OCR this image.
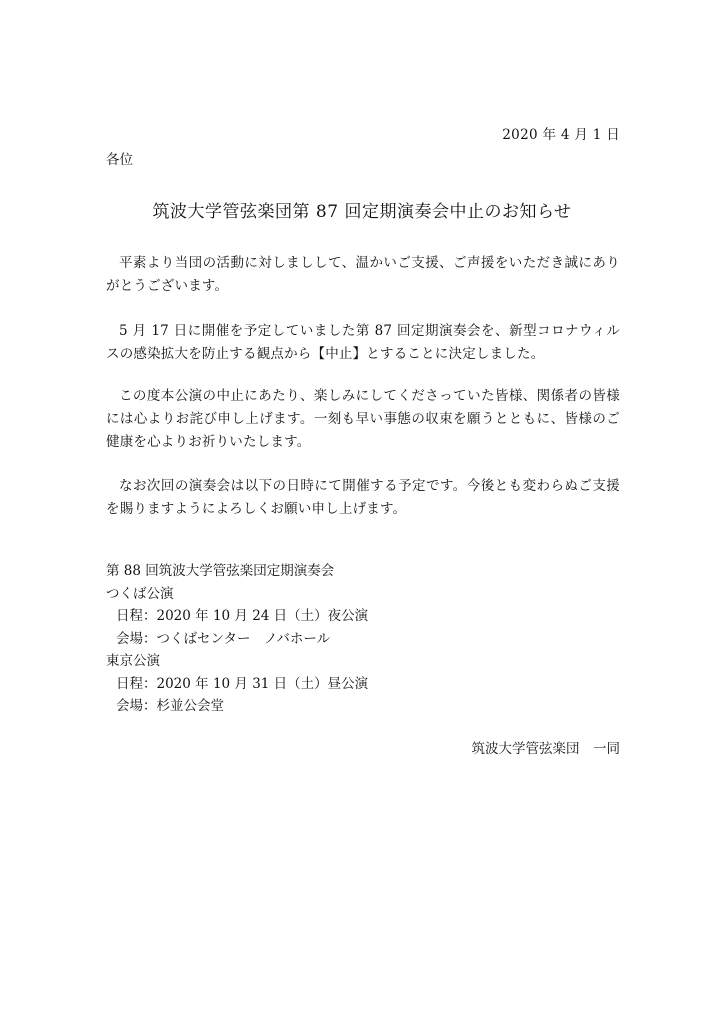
2020 年 4 月 1 日
各位
筑波大学管弦楽団第 87 回定期演奏会中止のお知らせ
平素より当団の活動に対しましして、温かいご支援、ご声援をいただき誠にありがとうございます。
5 月 17 日に開催を予定していました第 87 回定期演奏会を、新型コロナウィルスの感染拡大を防止する観点から【中止】とすることに決定しました。
この度本公演の中止にあたり、楽しみにしてくださっていた皆様、関係者の皆様には心よりお詫び申し上げます。一刻も早い事態の収束を願うとともに、皆様のご健康を心よりお祈りいたします。
なお次回の演奏会は以下の日時にて開催する予定です。今後とも変わらぬご支援を賜りますようによろしくお願い申し上げます。
第 88 回筑波大学管弦楽団定期演奏会
つくば公演
日程：2020 年 10 月 24 日（土）夜公演
会場：つくばセンター　ノバホール
東京公演
日程：2020 年 10 月 31 日（土）昼公演
会場：杉並公会堂
筑波大学管弦楽団　一同
